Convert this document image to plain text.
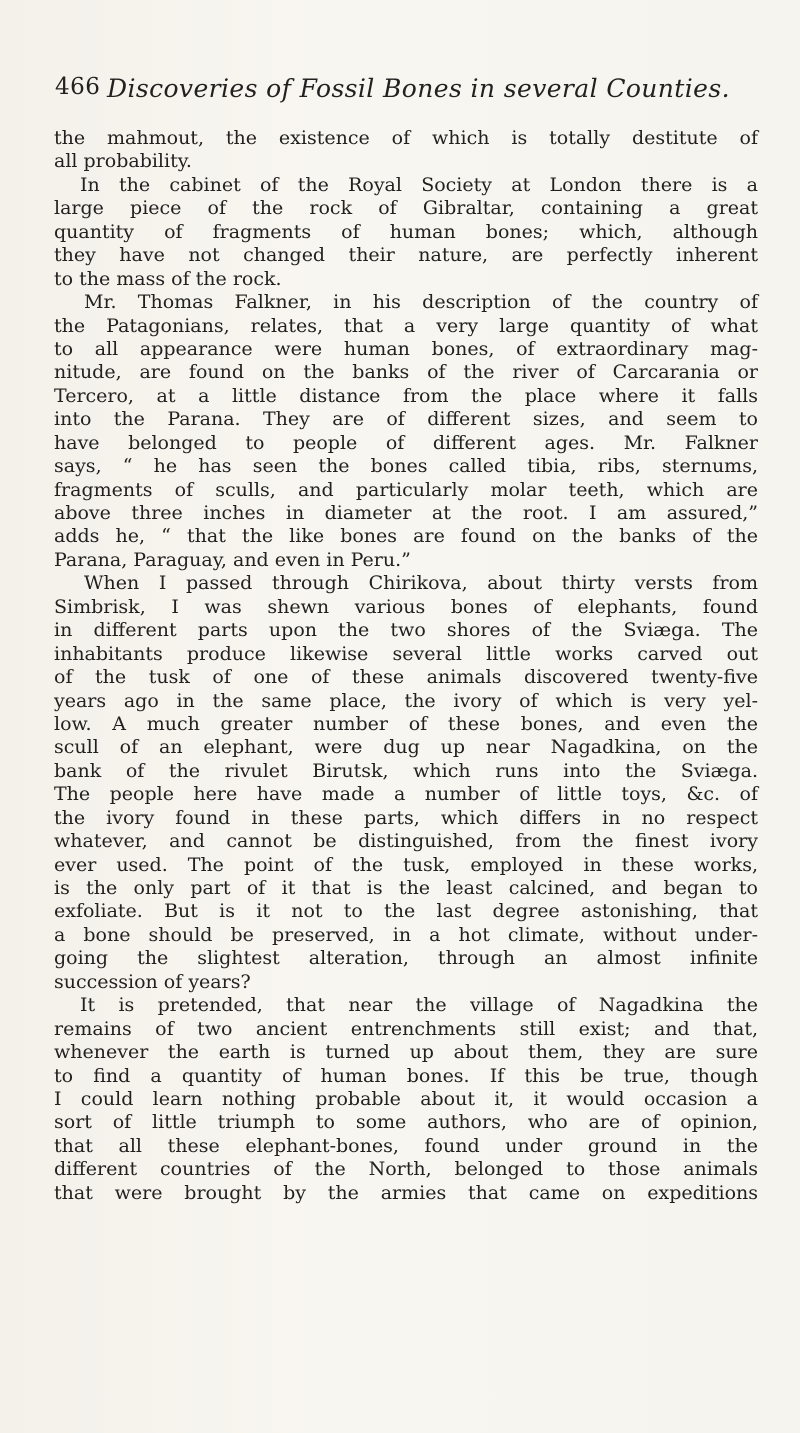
466 Discoveries of Fossil Bones in several Counties.
the mahmout, the existence of which is totally destitute of
all probability.
In the cabinet of the Royal Society at London there is a
large piece of the rock of Gibraltar, containing a great
quantity of fragments of human bones; which, although
they have not changed their nature, are perfectly inherent
to the mass of the rock.
Mr. Thomas Falkner, in his description of the country of
the Patagonians, relates, that a very large quantity of what
to all appearance were human bones, of extraordinary mag-
nitude, are found on the banks of the river of Carcarania or
Tercero, at a little distance from the place where it falls
into the Parana. They are of different sizes, and seem to
have belonged to people of different ages. Mr. Falkner
says, “ he has seen the bones called tibia, ribs, sternums,
fragments of sculls, and particularly molar teeth, which are
above three inches in diameter at the root. I am assured,”
adds he, “ that the like bones are found on the banks of the
Parana, Paraguay, and even in Peru.”
When I passed through Chirikova, about thirty versts from
Simbrisk, I was shewn various bones of elephants, found
in different parts upon the two shores of the Sviæga. The
inhabitants produce likewise several little works carved out
of the tusk of one of these animals discovered twenty-five
years ago in the same place, the ivory of which is very yel-
low. A much greater number of these bones, and even the
scull of an elephant, were dug up near Nagadkina, on the
bank of the rivulet Birutsk, which runs into the Sviæga.
The people here have made a number of little toys, &c. of
the ivory found in these parts, which differs in no respect
whatever, and cannot be distinguished, from the finest ivory
ever used. The point of the tusk, employed in these works,
is the only part of it that is the least calcined, and began to
exfoliate. But is it not to the last degree astonishing, that
a bone should be preserved, in a hot climate, without under-
going the slightest alteration, through an almost infinite
succession of years?
It is pretended, that near the village of Nagadkina the
remains of two ancient entrenchments still exist; and that,
whenever the earth is turned up about them, they are sure
to find a quantity of human bones. If this be true, though
I could learn nothing probable about it, it would occasion a
sort of little triumph to some authors, who are of opinion,
that all these elephant-bones, found under ground in the
different countries of the North, belonged to those animals
that were brought by the armies that came on expeditions
